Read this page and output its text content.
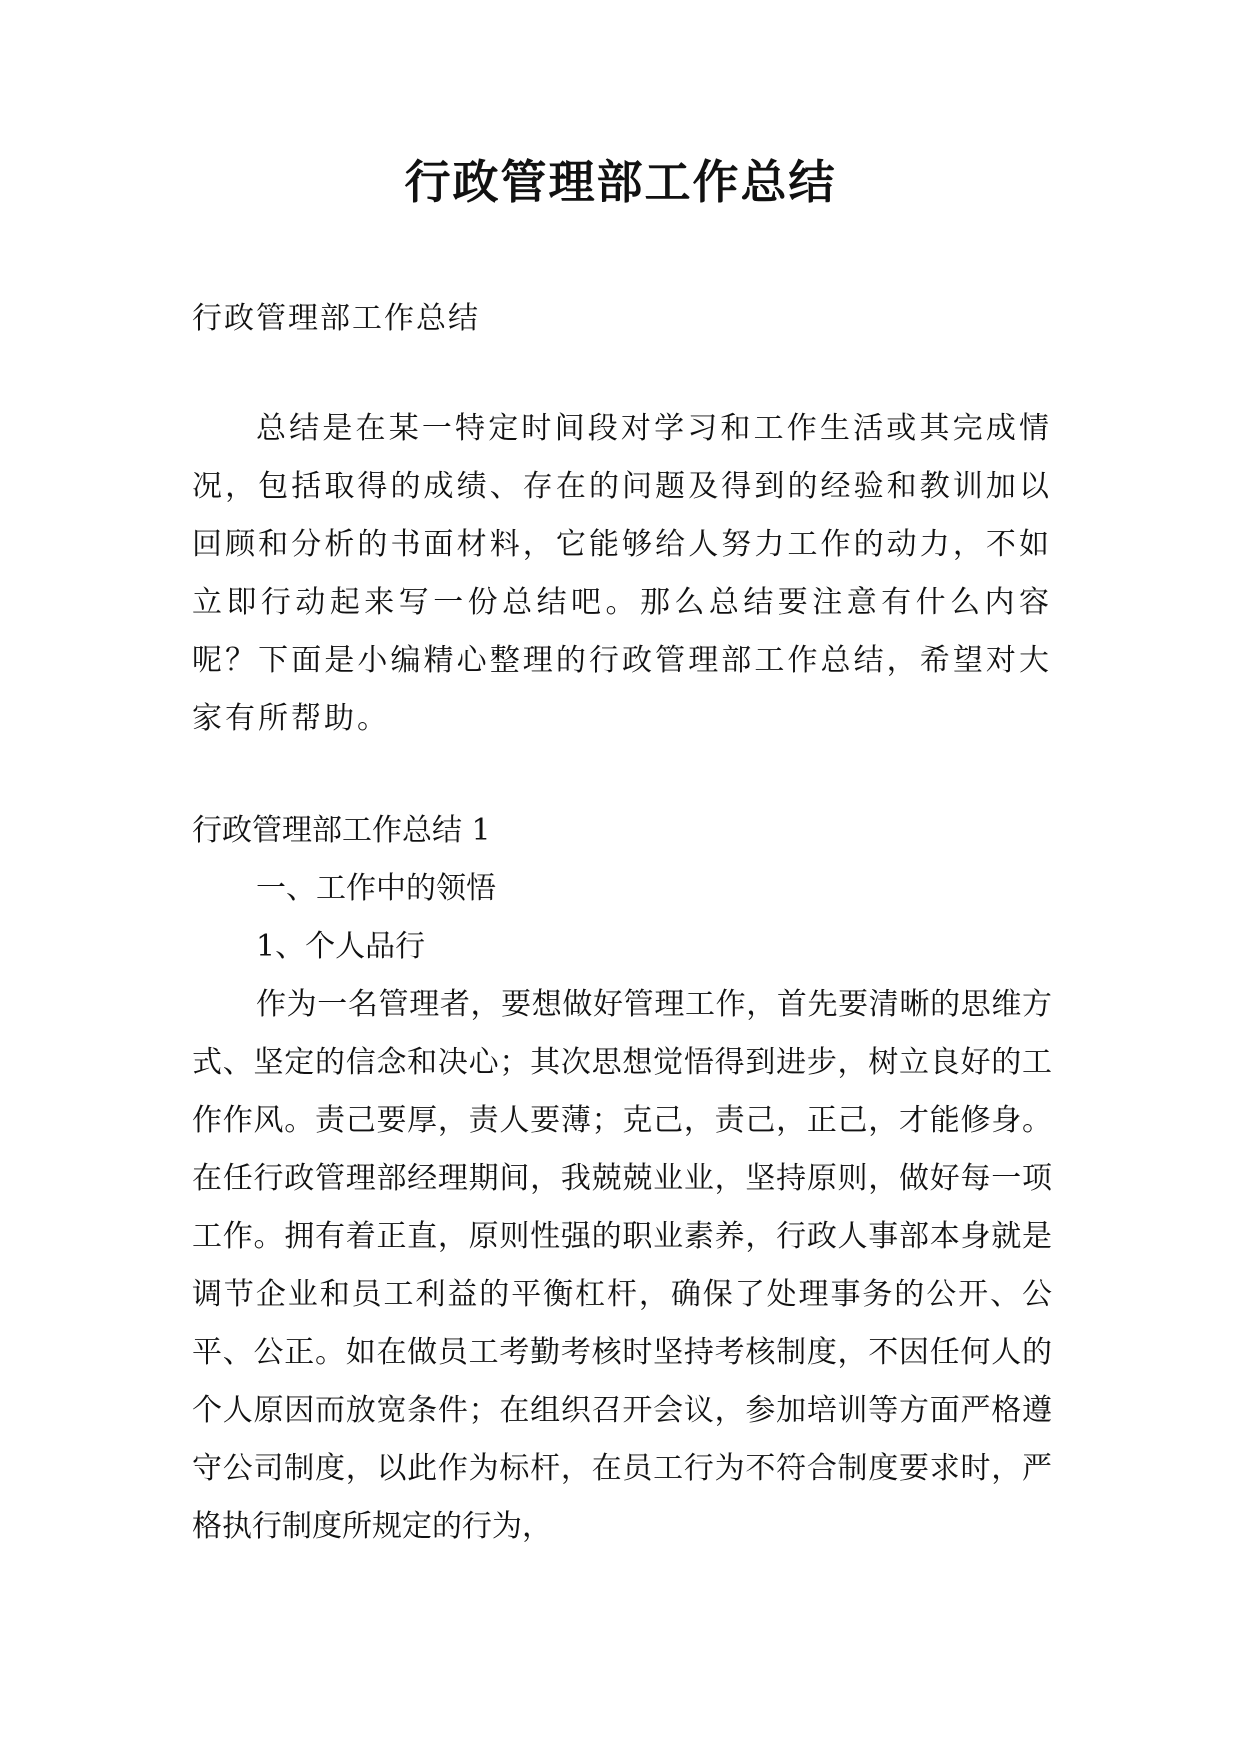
行政管理部工作总结

行政管理部工作总结

总结是在某一特定时间段对学习和工作生活或其完成情况，包括取得的成绩、存在的问题及得到的经验和教训加以回顾和分析的书面材料，它能够给人努力工作的动力，不如立即行动起来写一份总结吧。那么总结要注意有什么内容呢？下面是小编精心整理的行政管理部工作总结，希望对大家有所帮助。

行政管理部工作总结 1

一、工作中的领悟

1、个人品行

作为一名管理者，要想做好管理工作，首先要清晰的思维方式、坚定的信念和决心；其次思想觉悟得到进步，树立良好的工作作风。责己要厚，责人要薄；克己，责己，正己，才能修身。在任行政管理部经理期间，我兢兢业业，坚持原则，做好每一项工作。拥有着正直，原则性强的职业素养，行政人事部本身就是调节企业和员工利益的平衡杠杆，确保了处理事务的公开、公平、公正。如在做员工考勤考核时坚持考核制度，不因任何人的个人原因而放宽条件；在组织召开会议，参加培训等方面严格遵守公司制度，以此作为标杆，在员工行为不符合制度要求时，严格执行制度所规定的行为，
